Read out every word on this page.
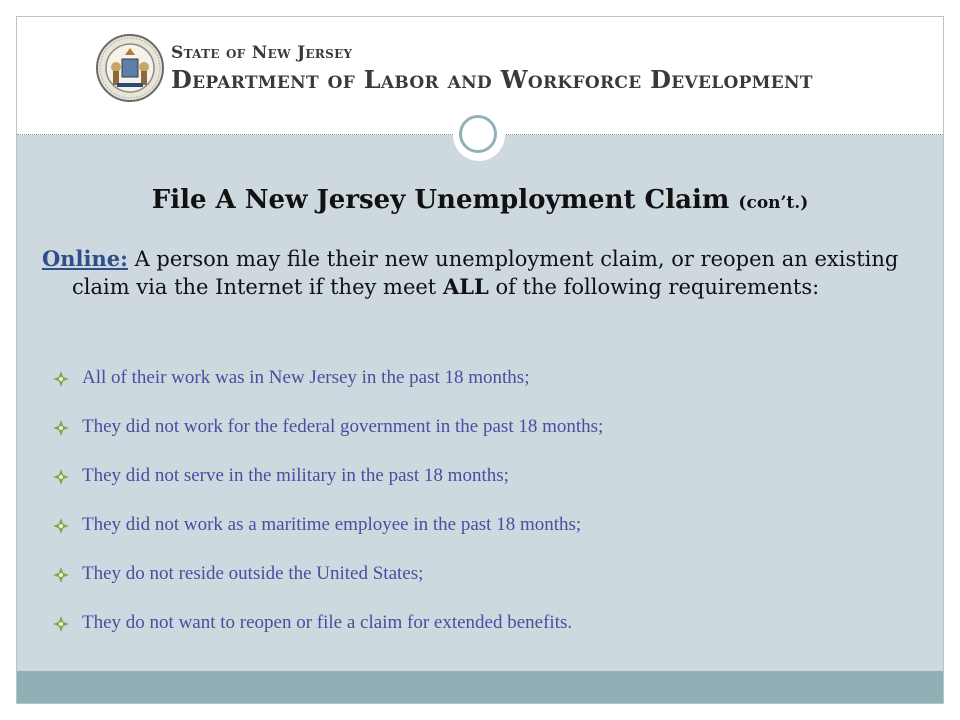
State of New Jersey
Department of Labor and Workforce Development
File A New Jersey Unemployment Claim (con’t.)
Online: A person may file their new unemployment claim, or reopen an existing claim via the Internet if they meet ALL of the following requirements:
All of their work was in New Jersey in the past 18 months;
They did not work for the federal government in the past 18 months;
They did not serve in the military in the past 18 months;
They did not work as a maritime employee in the past 18 months;
They do not reside outside the United States;
They do not want to reopen or file a claim for extended benefits.
